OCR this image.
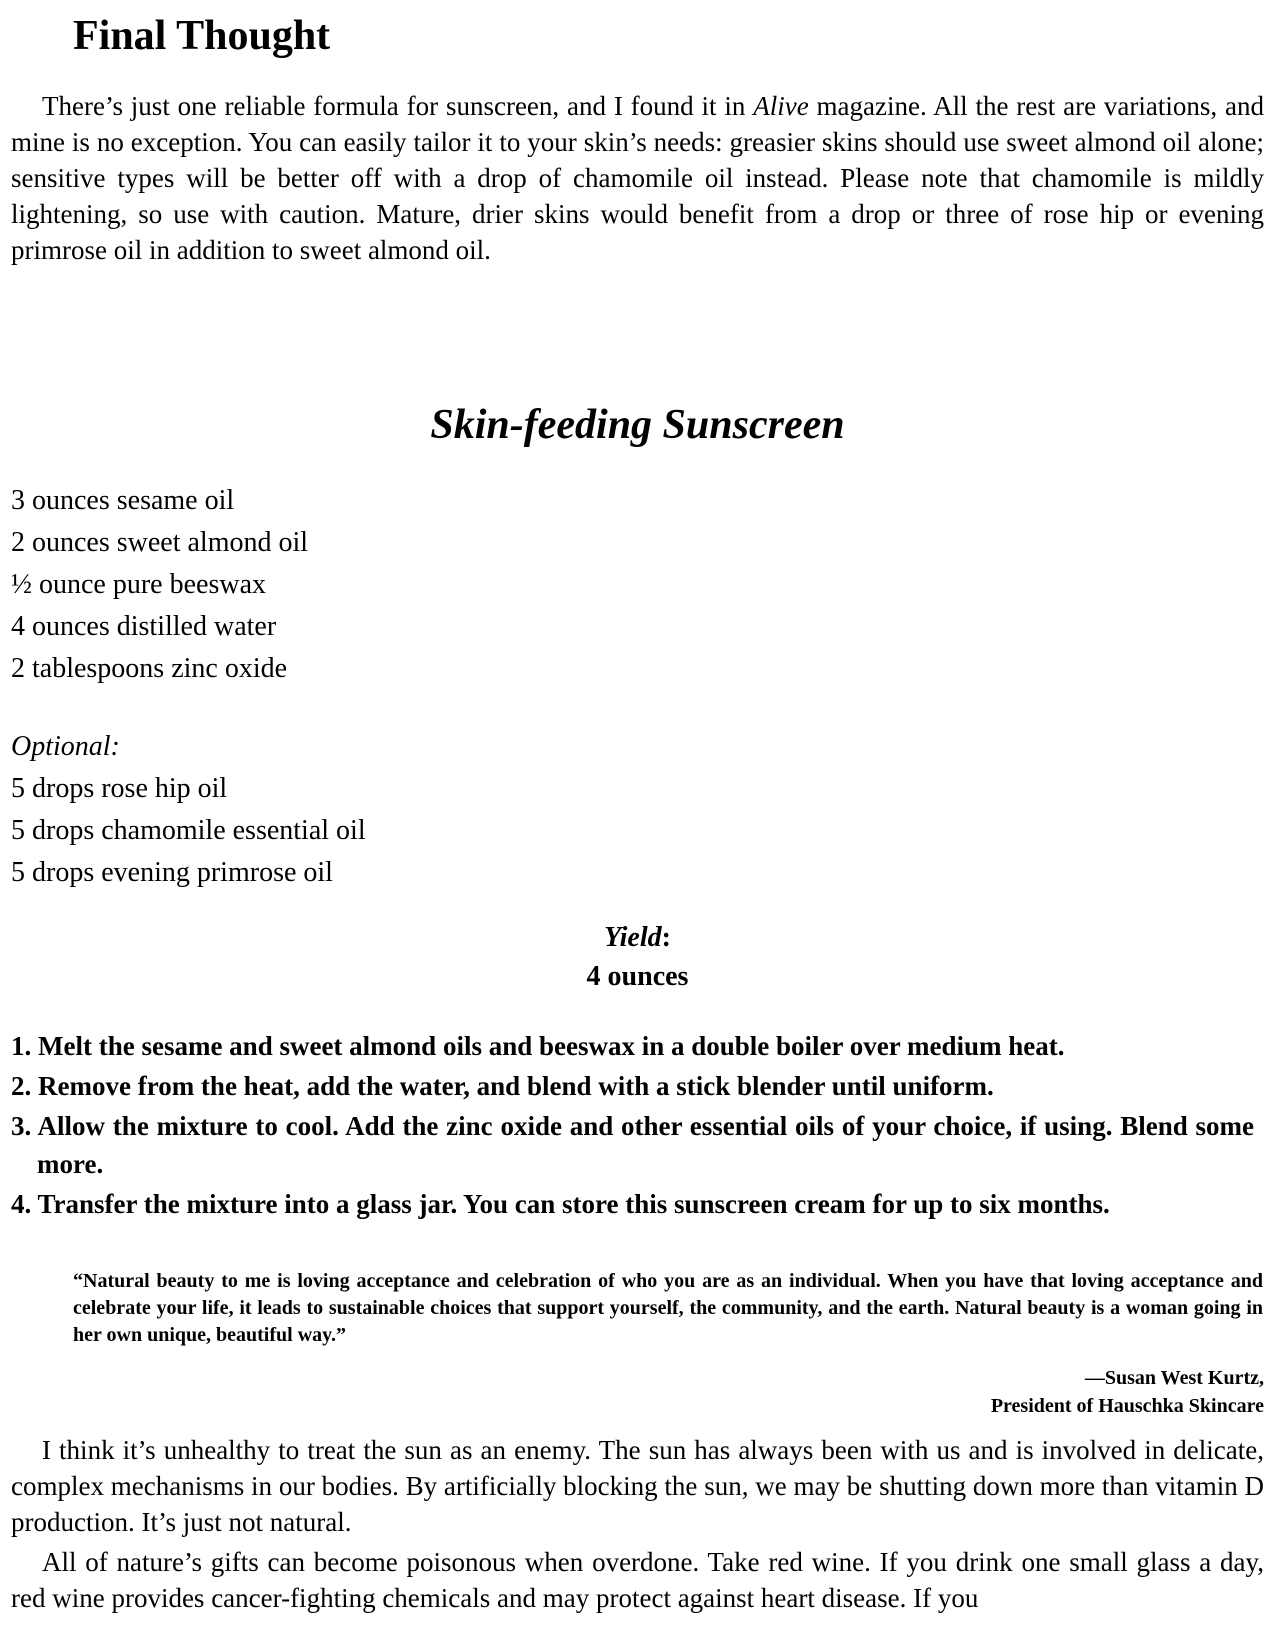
Final Thought

There’s just one reliable formula for sunscreen, and I found it in Alive magazine. All the rest are variations, and mine is no exception. You can easily tailor it to your skin’s needs: greasier skins should use sweet almond oil alone; sensitive types will be better off with a drop of chamomile oil instead. Please note that chamomile is mildly lightening, so use with caution. Mature, drier skins would benefit from a drop or three of rose hip or evening primrose oil in addition to sweet almond oil.

Skin-feeding Sunscreen
3 ounces sesame oil
2 ounces sweet almond oil
½ ounce pure beeswax
4 ounces distilled water
2 tablespoons zinc oxide

Optional:

5 drops rose hip oil
5 drops chamomile essential oil
5 drops evening primrose oil
Yield:
4 ounces
1. Melt the sesame and sweet almond oils and beeswax in a double boiler over medium heat.
2. Remove from the heat, add the water, and blend with a stick blender until uniform.
3. Allow the mixture to cool. Add the zinc oxide and other essential oils of your choice, if using. Blend some more.
4. Transfer the mixture into a glass jar. You can store this sunscreen cream for up to six months.

“Natural beauty to me is loving acceptance and celebration of who you are as an individual. When you have that loving acceptance and celebrate your life, it leads to sustainable choices that support yourself, the community, and the earth. Natural beauty is a woman going in her own unique, beautiful way.”

—Susan West Kurtz,
President of Hauschka Skincare

I think it’s unhealthy to treat the sun as an enemy. The sun has always been with us and is involved in delicate, complex mechanisms in our bodies. By artificially blocking the sun, we may be shutting down more than vitamin D production. It’s just not natural.

All of nature’s gifts can become poisonous when overdone. Take red wine. If you drink one small glass a day, red wine provides cancer-fighting chemicals and may protect against heart disease. If you
